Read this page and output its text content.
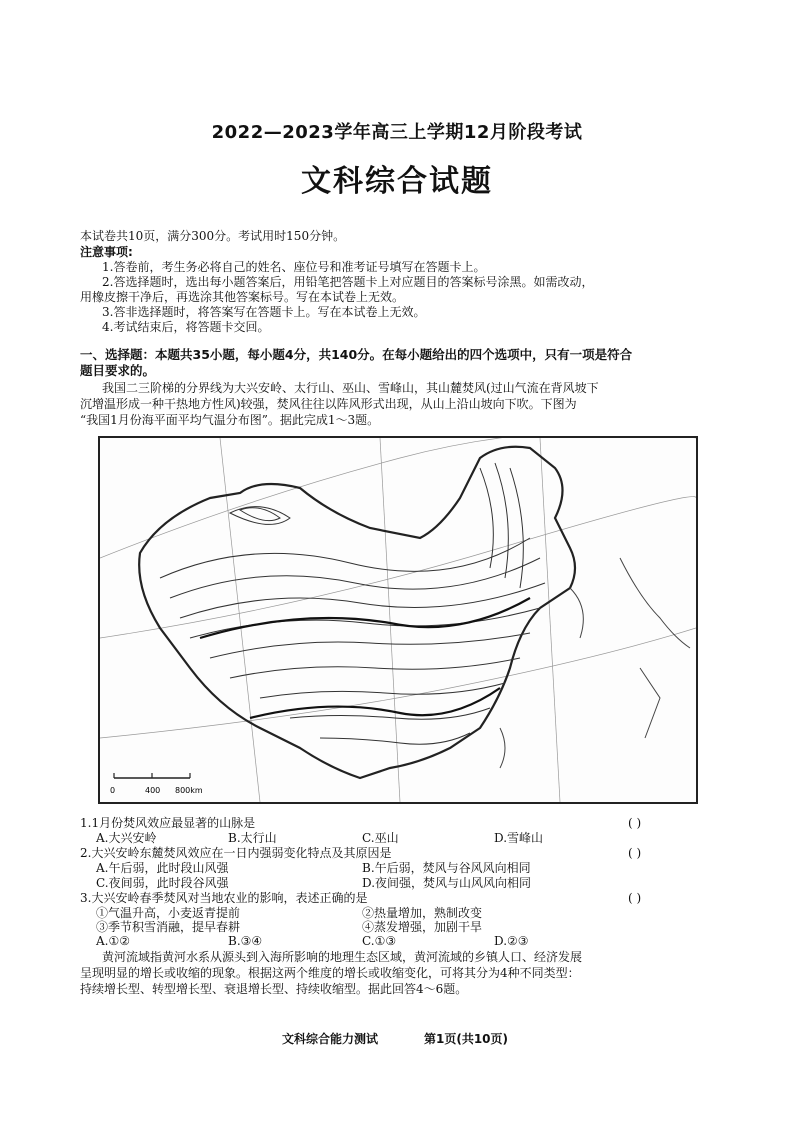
2022—2023学年高三上学期12月阶段考试
文科综合试题
本试卷共10页，满分300分。考试用时150分钟。
注意事项:
1.答卷前，考生务必将自己的姓名、座位号和准考证号填写在答题卡上。
2.答选择题时，选出每小题答案后，用铅笔把答题卡上对应题目的答案标号涂黑。如需改动，
用橡皮擦干净后，再选涂其他答案标号。写在本试卷上无效。
3.答非选择题时，将答案写在答题卡上。写在本试卷上无效。
4.考试结束后，将答题卡交回。
一、选择题：本题共35小题，每小题4分，共140分。在每小题给出的四个选项中，只有一项是符合
题目要求的。
我国二三阶梯的分界线为大兴安岭、太行山、巫山、雪峰山，其山麓焚风(过山气流在背风坡下
沉增温形成一种干热地方性风)较强，焚风往往以阵风形式出现，从山上沿山坡向下吹。下图为
“我国1月份海平面平均气温分布图”。据此完成1～3题。
0	400 800km
1.1月份焚风效应最显著的山脉是	( )
A.大兴安岭	B.太行山	C.巫山	D.雪峰山
2.大兴安岭东麓焚风效应在一日内强弱变化特点及其原因是	( )
A.午后弱，此时段山风强	B.午后弱，焚风与谷风风向相同
C.夜间弱，此时段谷风强	D.夜间强，焚风与山风风向相同
3.大兴安岭春季焚风对当地农业的影响，表述正确的是	( )
①气温升高，小麦返青提前	②热量增加，熟制改变
③季节积雪消融，提早春耕	④蒸发增强，加剧干旱
A.①②	B.③④	C.①③	D.②③
黄河流域指黄河水系从源头到入海所影响的地理生态区域，黄河流域的乡镇人口、经济发展
呈现明显的增长或收缩的现象。根据这两个维度的增长或收缩变化，可将其分为4种不同类型：
持续增长型、转型增长型、衰退增长型、持续收缩型。据此回答4～6题。
文科综合能力测试	第1页(共10页)
